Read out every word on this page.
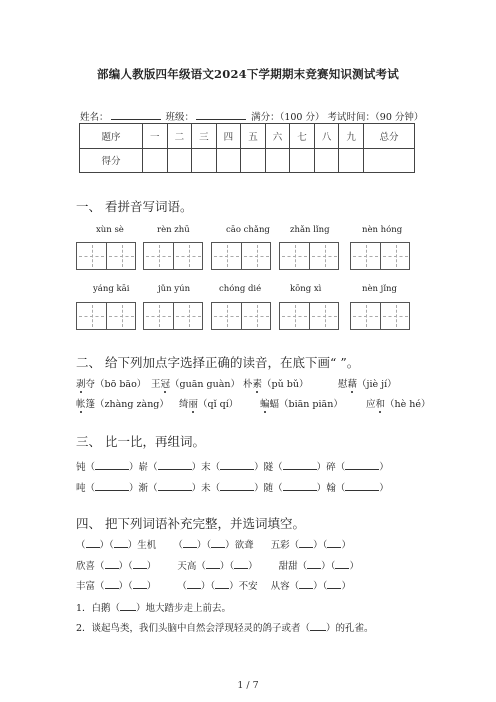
部编人教版四年级语文2024下学期期末竞赛知识测试考试
姓名：	班级：	满分：（100 分） 考试时间：（90 分钟）
题序	一	二	三	四	五	六	七	八	九	总分
得分										
一、 看拼音写词语。
xùn sè	rèn zhū	cāo chǎng zhǎn lǐng	nèn hóng
yáng kāi	jǔn yún	chóng dié	kōng xì	nèn jǐng
二、 给下列加点字选择正确的读音，在底下画“ ”。
剥夺（bō bāo） 王冠（guān guàn） 朴素（pǔ bǔ）	慰藉（jiè jí）
帐篷（zhàng zàng） 绮丽（qǐ qí） 蝙蝠（biān piān） 应和（hè hé）
三、 比一比，再组词。
钝（	）崭（	）末（	）隧（	）碎（	）
吨（	）渐（	）未（	）随（	）翰（	）
四、 把下列词语补充完整，并选词填空。
（ ）（ ）生机 （ ）（ ）欲聋 五彩（ ）（ ）
欣喜（ ）（ ） 天高（ ）（ ） 甜甜（ ）（ ）
丰富（ ）（ ） （ ）（ ）不安 从容（ ）（ ）
1．白鹅（ ）地大踏步走上前去。
2．谈起鸟类，我们头脑中自然会浮现轻灵的鸽子或者（ ）的孔雀。
1 / 7
